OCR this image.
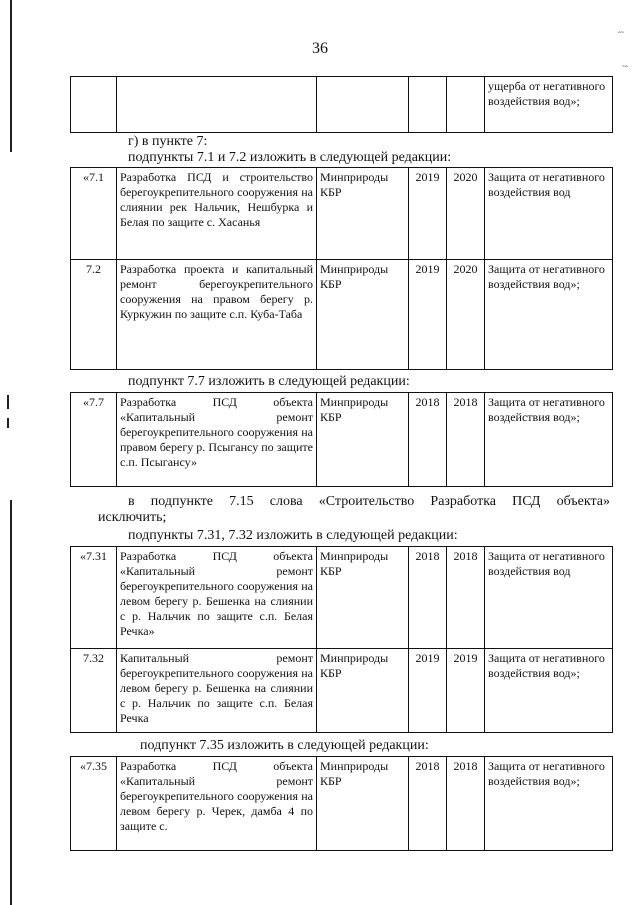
ˆ˜
˜ˆ
36
					ущерба от негативного воздействия вод»;
г) в пункте 7:
подпункты 7.1 и 7.2 изложить в следующей редакции:
«7.1	Разработка ПСД и строительство берегоукрепительного сооружения на слиянии рек Нальчик, Нешбурка и Белая по защите с. Хасанья	Минприроды КБР	2019	2020	Защита от негативного воздействия вод
7.2	Разработка проекта и капитальный ремонт берегоукрепительного сооружения на правом берегу р. Куркужин по защите с.п. Куба-Таба	Минприроды КБР	2019	2020	Защита от негативного воздействия вод»;
подпункт 7.7 изложить в следующей редакции:
«7.7	Разработка ПСД объекта «Капитальный ремонт берегоукрепительного сооружения на правом берегу р. Псыгансу по защите с.п. Псыгансу»	Минприроды КБР	2018	2018	Защита от негативного воздействия вод»;
в подпункте 7.15 слова «Строительство Разработка ПСД объекта»
исключить;
подпункты 7.31, 7.32 изложить в следующей редакции:
«7.31	Разработка ПСД объекта «Капитальный ремонт берегоукрепительного сооружения на левом берегу р. Бешенка на слиянии с р. Нальчик по защите с.п. Белая Речка»	Минприроды КБР	2018	2018	Защита от негативного воздействия вод
7.32	Капитальный ремонт берегоукрепительного сооружения на левом берегу р. Бешенка на слиянии с р. Нальчик по защите с.п. Белая Речка	Минприроды КБР	2019	2019	Защита от негативного воздействия вод»;
подпункт 7.35 изложить в следующей редакции:
«7.35	Разработка ПСД объекта «Капитальный ремонт берегоукрепительного сооружения на левом берегу р. Черек, дамба 4 по защите с.	Минприроды КБР	2018	2018	Защита от негативного воздействия вод»;
